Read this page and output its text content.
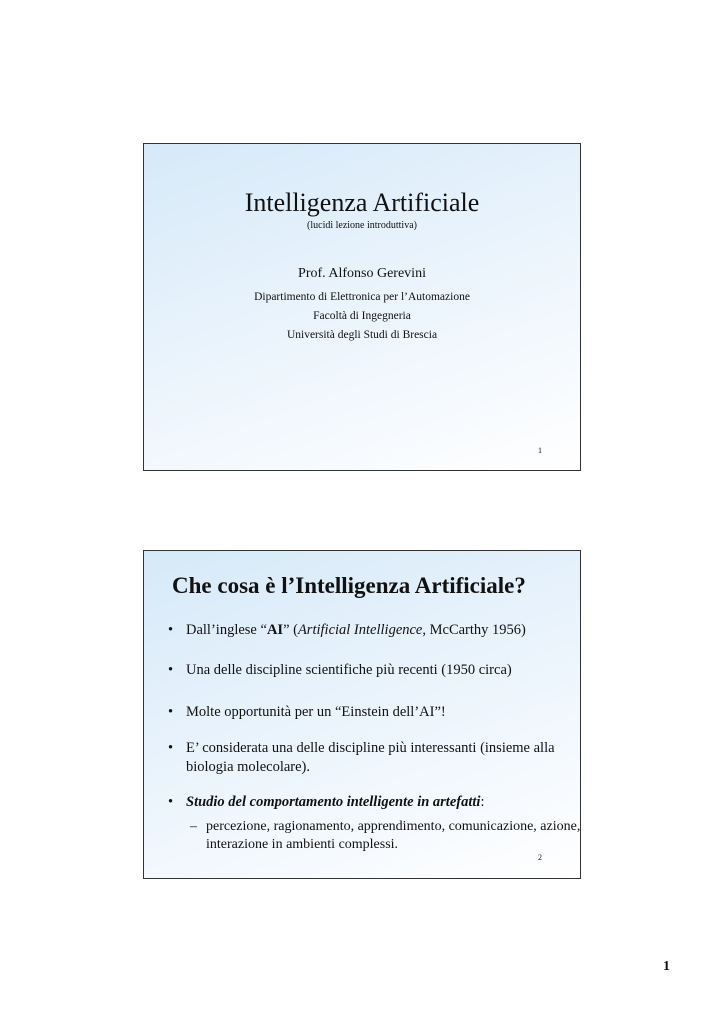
Intelligenza Artificiale
(lucidi lezione introduttiva)
Prof. Alfonso Gerevini
Dipartimento di Elettronica per l’Automazione
Facoltà di Ingegneria
Università degli Studi di Brescia
1
Che cosa è l’Intelligenza Artificiale?
• Dall’inglese “AI” (Artificial Intelligence, McCarthy 1956)
• Una delle discipline scientifiche più recenti (1950 circa)
• Molte opportunità per un “Einstein dell’AI”!
• E’ considerata una delle discipline più interessanti (insieme alla biologia molecolare).
• Studio del comportamento intelligente in artefatti:
– percezione, ragionamento, apprendimento, comunicazione, azione, interazione in ambienti complessi.
2
1
